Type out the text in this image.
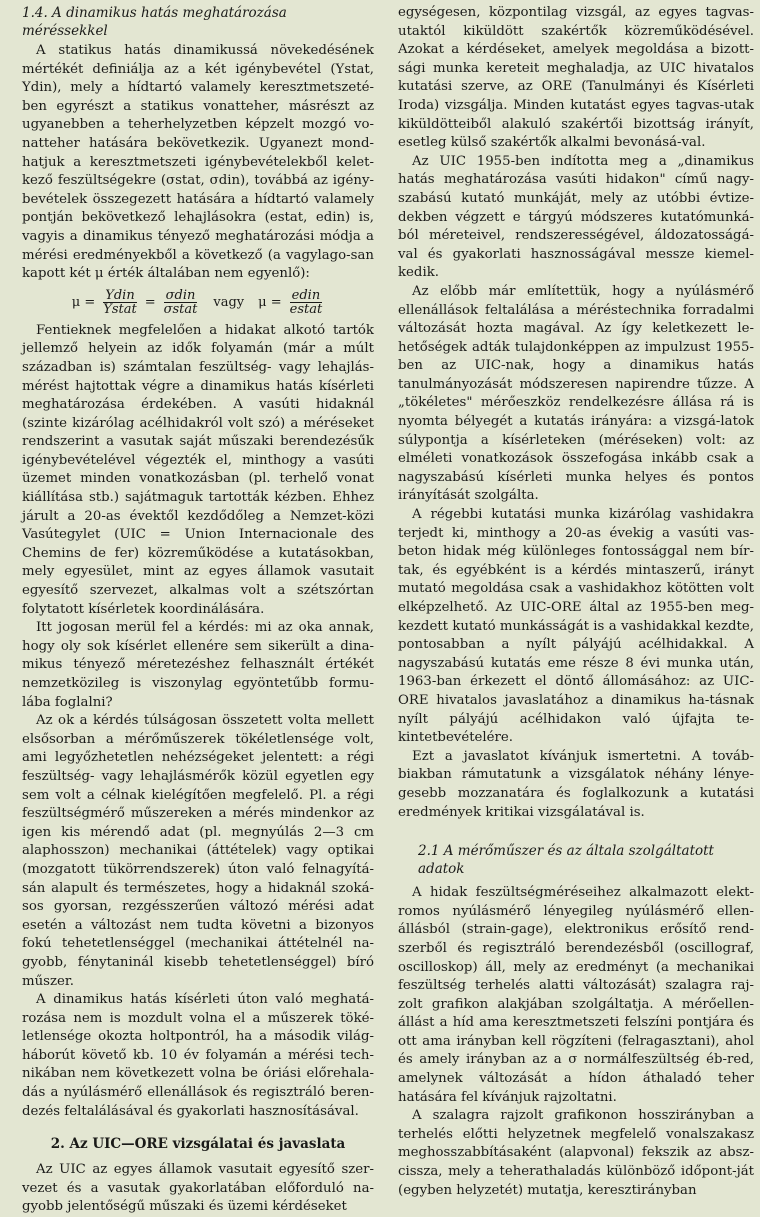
1.4. A dinamikus hatás meghatározása méréssekkel

A statikus hatás dinamikussá növekedésének mértékét definiálja az a két igénybevétel (Ystat, Ydin), mely a hídtartó valamely keresztmetszeté-ben egyrészt a statikus vonatteher, másrészt az ugyanebben a teherhelyzetben képzelt mozgó vo-natteher hatására bekövetkezik. Ugyanezt mond-hatjuk a keresztmetszeti igénybevételekből kelet-kező feszültségekre (σstat, σdin), továbbá az igény-bevételek összegezett hatására a hídtartó valamely pontján bekövetkező lehajlásokra (estat, edin) is, vagyis a dinamikus tényező meghatározási módja a mérési eredményekből a következő (a vagylago-san kapott két μ érték általában nem egyenlő):

$\mu = \frac{\text{Ydin}}{\text{Ystat}} = \frac{\text{σdin}}{\text{σstat}}$ vagy $\mu = \frac{\text{edin}}{\text{estat}}$

Fentieknek megfelelően a hidakat alkotó tartók jellemző helyein az idők folyamán (már a múlt században is) számtalan feszültség- vagy lehajlás-mérést hajtottak végre a dinamikus hatás kísérleti meghatározása érdekében. A vasúti hidaknál (szinte kizárólag acélhidakról volt szó) a méréseket rendszerint a vasutak saját műszaki berendezésűk igénybevételével végezték el, minthogy a vasúti üzemet minden vonatkozásban (pl. terhelő vonat kiállítása stb.) sajátmaguk tartották kézben. Ehhez járult a 20-as évektől kezdődőleg a Nemzet-közi Vasútegylet (UIC = Union Internacionale des Chemins de fer) közreműködése a kutatásokban, mely egyesület, mint az egyes államok vasutait egyesítő szervezet, alkalmas volt a szétszórtan folytatott kísérletek koordinálására.

Itt jogosan merül fel a kérdés: mi az oka annak, hogy oly sok kísérlet ellenére sem sikerült a dina-mikus tényező méretezéshez felhasznált értékét nemzetközileg is viszonylag egyöntetűbb formu-lába foglalni?

Az ok a kérdés túlságosan összetett volta mellett elsősorban a mérőműszerek tökéletlensége volt, ami legyőzhetetlen nehézségeket jelentett: a régi feszültség- vagy lehajlásmérők közül egyetlen egy sem volt a célnak kielégítően megfelelő. Pl. a régi feszültségmérő műszereken a mérés mindenkor az igen kis mérendő adat (pl. megnyúlás 2—3 cm alaphosszon) mechanikai (áttételek) vagy optikai (mozgatott tükörrendszerek) úton való felnagyítá-sán alapult és természetes, hogy a hidaknál szoká-sos gyorsan, rezgésszerűen változó mérési adat esetén a változást nem tudta követni a bizonyos fokú tehetetlenséggel (mechanikai áttételnél na-gyobb, fénytaninál kisebb tehetetlenséggel) bíró műszer.

A dinamikus hatás kísérleti úton való meghatá-rozása nem is mozdult volna el a műszerek töké-letlensége okozta holtpontról, ha a második világ-háborút követő kb. 10 év folyamán a mérési tech-nikában nem következett volna be óriási előrehala-dás a nyúlásmérő ellenállások és regisztráló beren-dezés feltalálásával és gyakorlati hasznosításával.

2. Az UIC—ORE vizsgálatai és javaslata

Az UIC az egyes államok vasutait egyesítő szer-vezet és a vasutak gyakorlatában előforduló na-gyobb jelentőségű műszaki és üzemi kérdéseket

egységesen, központilag vizsgál, az egyes tagvas-utaktól kiküldött szakértők közreműködésével. Azokat a kérdéseket, amelyek megoldása a bizott-sági munka kereteit meghaladja, az UIC hivatalos kutatási szerve, az ORE (Tanulmányi és Kísérleti Iroda) vizsgálja. Minden kutatást egyes tagvas-utak kiküldötteiből alakuló szakértői bizottság irányít, esetleg külső szakértők alkalmi bevonásá-val.

Az UIC 1955-ben indította meg a „dinamikus hatás meghatározása vasúti hidakon" című nagy-szabású kutató munkáját, mely az utóbbi évtize-dekben végzett e tárgyú módszeres kutatómunká-ból méreteivel, rendszerességével, áldozatosságá-val és gyakorlati hasznosságával messze kiemel-kedik.

Az előbb már említettük, hogy a nyúlásmérő ellenállások feltalálása a méréstechnika forradalmi változását hozta magával. Az így keletkezett le-hetőségek adták tulajdonképpen az impulzust 1955-ben az UIC-nak, hogy a dinamikus hatás tanulmányozását módszeresen napirendre tűzze. A „tökéletes" mérőeszköz rendelkezésre állása rá is nyomta bélyegét a kutatás irányára: a vizsgá-latok súlypontja a kísérleteken (méréseken) volt: az elméleti vonatkozások összefogása inkább csak a nagyszabású kísérleti munka helyes és pontos irányítását szolgálta.

A régebbi kutatási munka kizárólag vashidakra terjedt ki, minthogy a 20-as évekig a vasúti vas-beton hidak még különleges fontossággal nem bír-tak, és egyébként is a kérdés mintaszerű, irányt mutató megoldása csak a vashidakhoz kötötten volt elképzelhető. Az UIC-ORE által az 1955-ben meg-kezdett kutató munkásságát is a vashidakkal kezdte, pontosabban a nyílt pályájú acélhidakkal. A nagyszabású kutatás eme része 8 évi munka után, 1963-ban érkezett el döntő állomásához: az UIC-ORE hivatalos javaslatához a dinamikus ha-tásnak nyílt pályájú acélhidakon való újfajta te-kintetbevételére.

Ezt a javaslatot kívánjuk ismertetni. A továb-biakban rámutatunk a vizsgálatok néhány lénye-gesebb mozzanatára és foglalkozunk a kutatási eredmények kritikai vizsgálatával is.

2.1 A mérőműszer és az általa szolgáltatott adatok

A hidak feszültségméréseihez alkalmazott elekt-romos nyúlásmérő lényegileg nyúlásmérő ellen-állásból (strain-gage), elektronikus erősítő rend-szerből és regisztráló berendezésből (oscillograf, oscilloskop) áll, mely az eredményt (a mechanikai feszültség terhelés alatti változását) szalagra raj-zolt grafikon alakjában szolgáltatja. A mérőellen-állást a híd ama keresztmetszeti felszíni pontjára és ott ama irányban kell rögzíteni (felragasztani), ahol és amely irányban az a σ normálfeszültség éb-red, amelynek változását a hídon áthaladó teher hatására fel kívánjuk rajzoltatni.

A szalagra rajzolt grafikonon hosszirányban a terhelés előtti helyzetnek megfelelő vonalszakasz meghosszabbításaként (alapvonal) fekszik az absz-cissza, mely a teherathaladás különböző időpont-ját (egyben helyzetét) mutatja, keresztirányban
